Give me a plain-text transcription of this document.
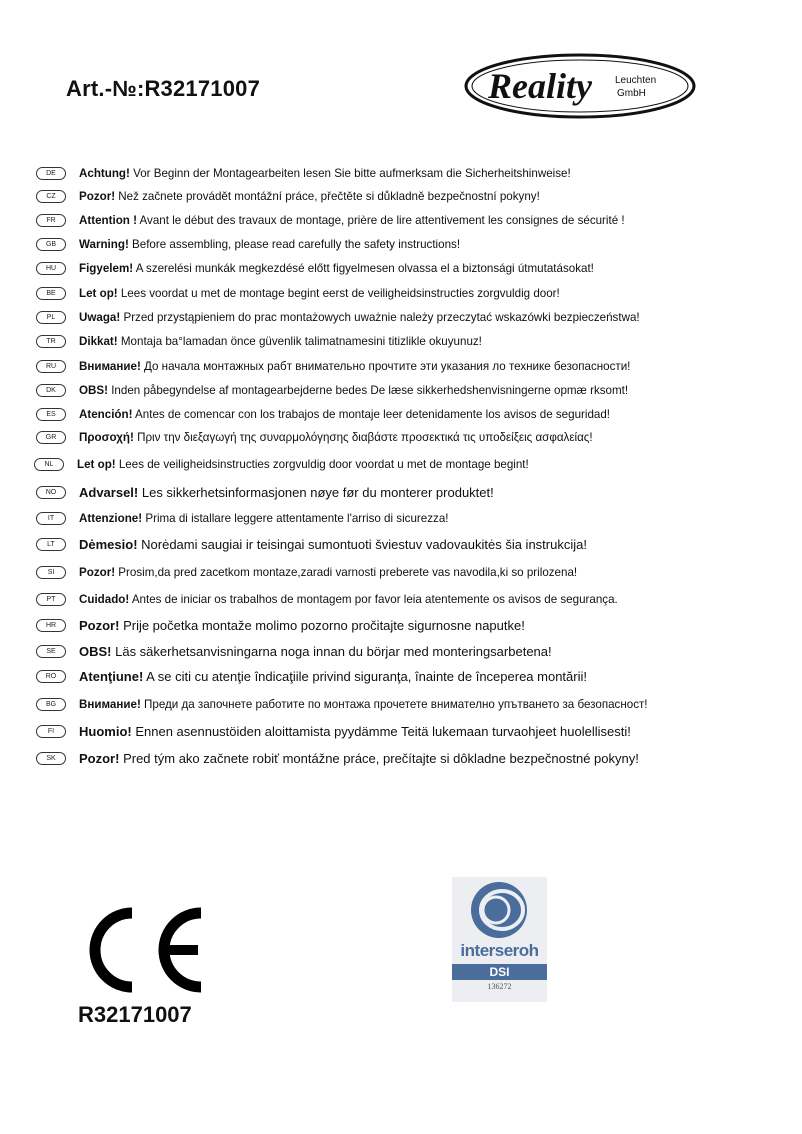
Art.-№:R32171007	Reality Leuchten
GmbH
DE	Achtung! Vor Beginn der Montagearbeiten lesen Sie bitte aufmerksam die Sicherheitshinweise!
CZ	Pozor! Než začnete provádět montážní práce, přečtěte si důkladně bezpečnostní pokyny!
FR	Attention ! Avant le début des travaux de montage, prière de lire attentivement les consignes de sécurité !
GB	Warning! Before assembling, please read carefully the safety instructions!
HU	Figyelem! A szerelési munkák megkezdésé előtt figyelmesen olvassa el a biztonsági útmutatásokat!
BE	Let op! Lees voordat u met de montage begint eerst de veiligheidsinstructies zorgvuldig door!
PL	Uwaga! Przed przystąpieniem do prac montażowych uważnie należy przeczytać wskazówki bezpieczeństwa!
TR	Dikkat! Montaja ba°lamadan önce güvenlik talimatnamesini titizlikle okuyunuz!
RU	Внимание! До начала монтажных рабт внимательно прочтите эти указания ло технике безопасности!
DK	OBS! Inden påbegyndelse af montagearbejderne bedes De læse sikkerhedshenvisningerne opmæ rksomt!
ES	Atención! Antes de comencar con los trabajos de montaje leer detenidamente los avisos de seguridad!
GR	Προσοχή! Πριν την διεξαγωγή της συναρμολόγησης διαβάστε προσεκτικά τις υποδείξεις ασφαλείας!
NL	Let op! Lees de veiligheidsinstructies zorgvuldig door voordat u met de montage begint!
NO	Advarsel! Les sikkerhetsinformasjonen nøye før du monterer produktet!
IT	Attenzione! Prima di istallare leggere attentamente l'arriso di sicurezza!
LT	Dėmesio! Norėdami saugiai ir teisingai sumontuoti šviestuv vadovaukitės šia instrukcija!
SI	Pozor! Prosim,da pred zacetkom montaze,zaradi varnosti preberete vas navodila,ki so prilozena!
PT	Cuidado! Antes de iniciar os trabalhos de montagem por favor leia atentemente os avisos de segurança.
HR	Pozor! Prije početka montaže molimo pozorno pročitajte sigurnosne naputke!
SE	OBS! Läs säkerhetsanvisningarna noga innan du börjar med monteringsarbetena!
RO	Atenţiune! A se citi cu atenţie îndicaţiile privind siguranţa, înainte de începerea montării!
BG	Внимание! Преди да започнете работите по монтажа прочетете внимателно упътването за безопасност!
FI	Huomio! Ennen asennustöiden aloittamista pyydämme Teitä lukemaan turvaohjeet huolellisesti!
SK	Pozor! Pred tým ako začnete robiť montážne práce, prečítajte si dôkladne bezpečnostné pokyny!
R32171007
interseroh
DSI
136272
